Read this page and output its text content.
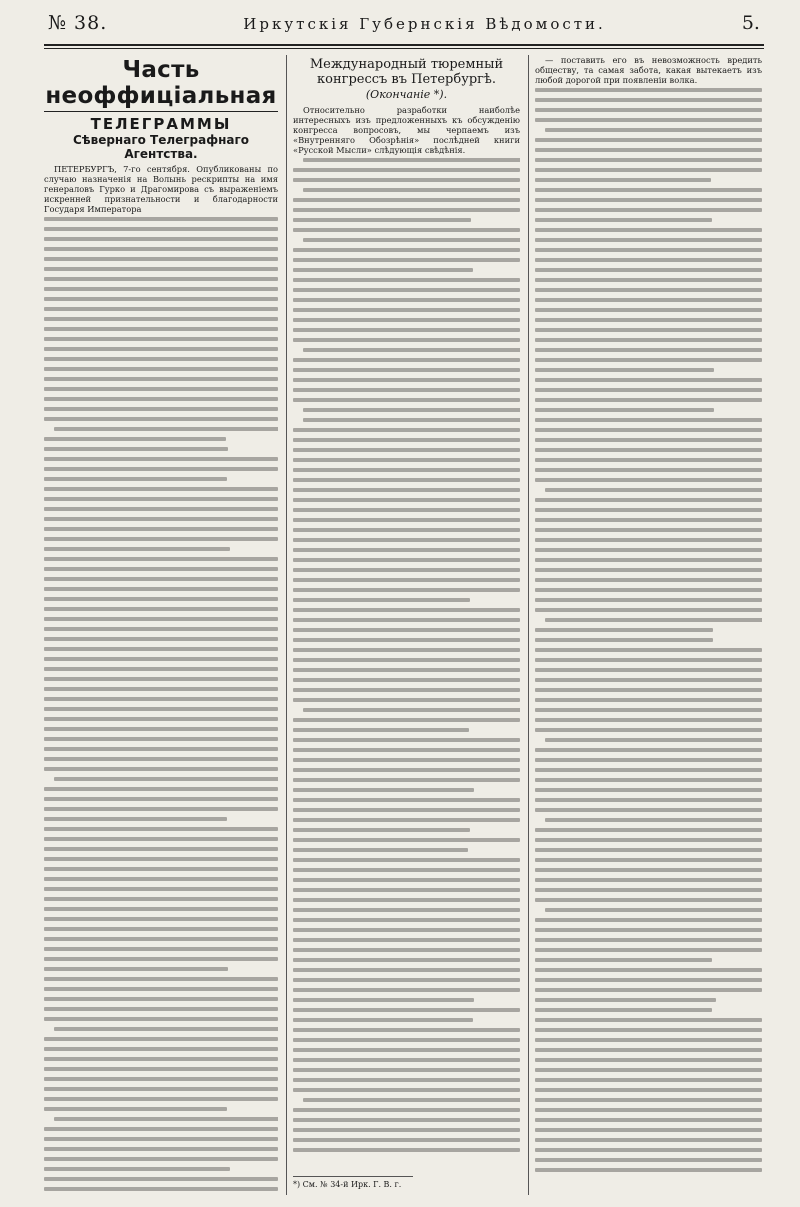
№ 38.	Иркутскія Губернскія Вѣдомости.	5.
Часть неоффиціальная
ТЕЛЕГРАММЫ
Сѣвернаго Телеграфнаго Агентства.

ПЕТЕРБУРГЪ, 7-го сентября. Опубликованы по случаю назначенія на Волынь рескрипты на имя генераловъ Гурко и Драгомирова съ выраженіемъ искренней признательности и благодарности Государя Императора

Международный тюремный конгрессъ въ Петербургѣ.
(Окончаніе *).

Относительно разработки наиболѣе интересныхъ изъ предложенныхъ къ обсужденію конгресса вопросовъ, мы черпаемъ изъ «Внутренняго Обозрѣнія» послѣдней книги «Русской Мысли» слѣдующія свѣдѣнія.

*) См. № 34-й Ирк. Г. В. г.

— поставить его въ невозможность вредить обществу, та самая забота, какая вытекаетъ изъ любой дорогой при появленіи волка.
